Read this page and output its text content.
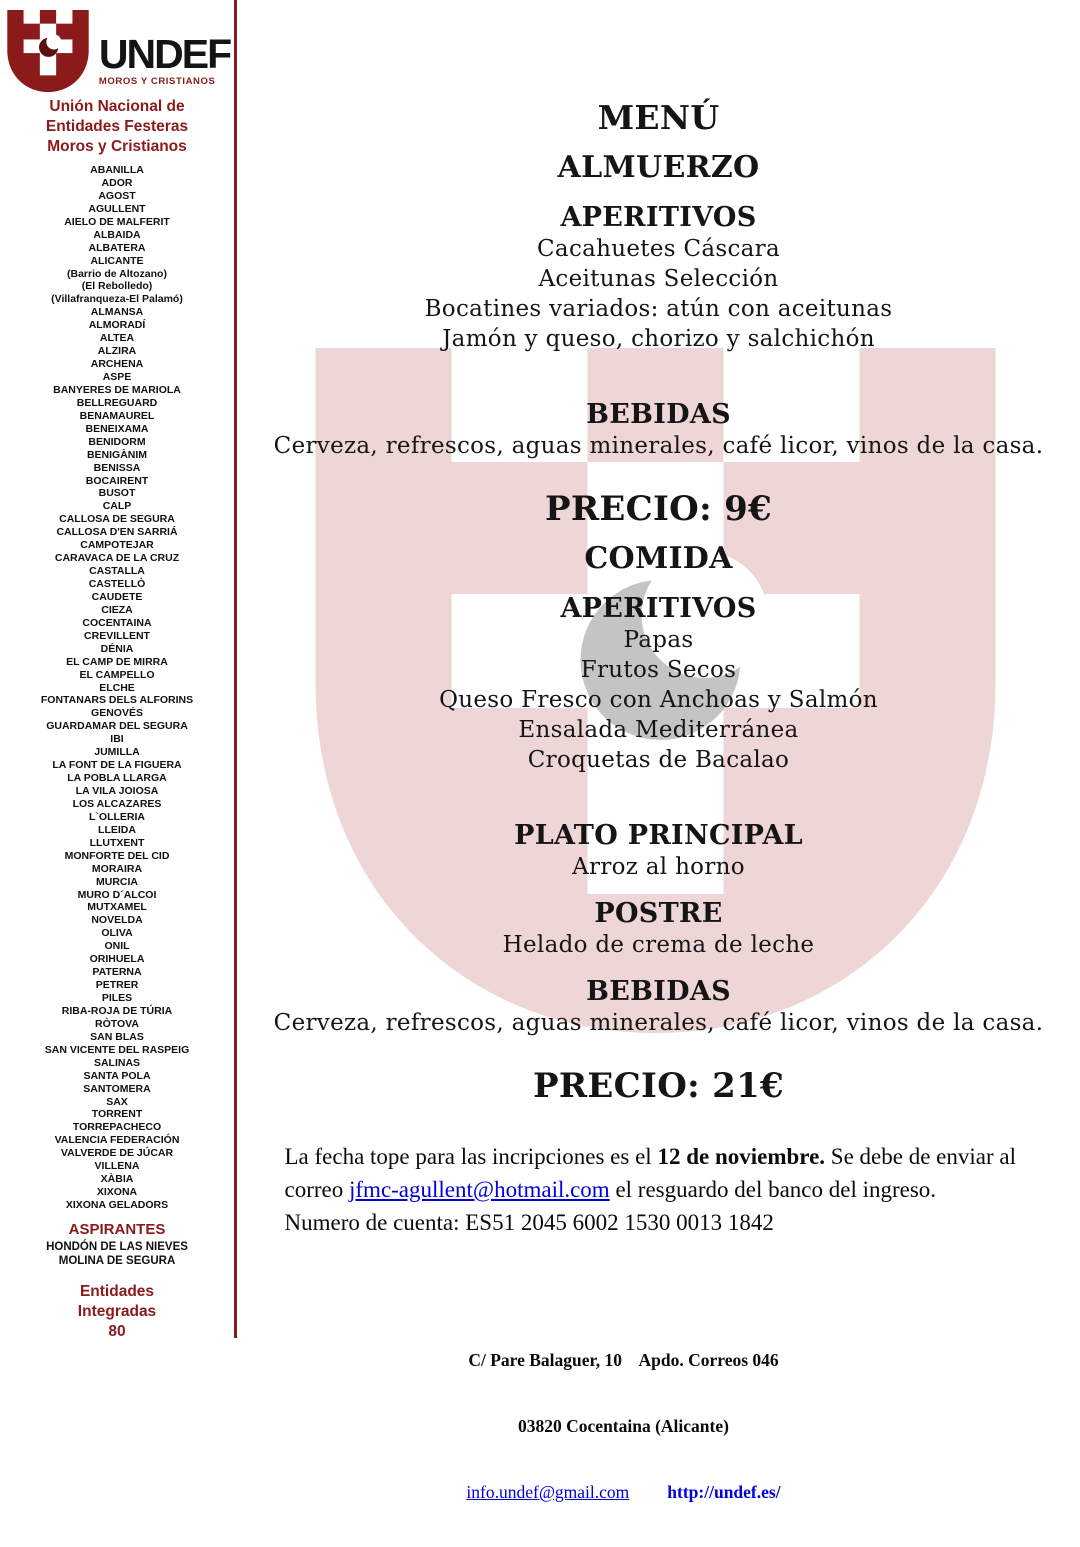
UNDEF
MOROS Y CRISTIANOS
Unión Nacional de
Entidades Festeras
Moros y Cristianos
ABANILLA
ADOR
AGOST
AGULLENT
AIELO DE MALFERIT
ALBAIDA
ALBATERA
ALICANTE
(Barrio de Altozano)
(El Rebolledo)
(Villafranqueza-El Palamó)
ALMANSA
ALMORADÍ
ALTEA
ALZIRA
ARCHENA
ASPE
BANYERES DE MARIOLA
BELLREGUARD
BENAMAUREL
BENEIXAMA
BENIDORM
BENIGÀNIM
BENISSA
BOCAIRENT
BUSOT
CALP
CALLOSA DE SEGURA
CALLOSA D'EN SARRIÁ
CAMPOTEJAR
CARAVACA DE LA CRUZ
CASTALLA
CASTELLÒ
CAUDETE
CIEZA
COCENTAINA
CREVILLENT
DÉNIA
EL CAMP DE MIRRA
EL CAMPELLO
ELCHE
FONTANARS DELS ALFORINS
GENOVÉS
GUARDAMAR DEL SEGURA
IBI
JUMILLA
LA FONT DE LA FIGUERA
LA POBLA LLARGA
LA VILA JOIOSA
LOS ALCAZARES
L`OLLERIA
LLEIDA
LLUTXENT
MONFORTE DEL CID
MORAIRA
MURCIA
MURO D´ALCOI
MUTXAMEL
NOVELDA
OLIVA
ONIL
ORIHUELA
PATERNA
PETRER
PILES
RIBA-ROJA DE TÚRIA
RÒTOVA
SAN BLAS
SAN VICENTE DEL RASPEIG
SALINAS
SANTA POLA
SANTOMERA
SAX
TORRENT
TORREPACHECO
VALENCIA FEDERACIÓN
VALVERDE DE JÚCAR
VILLENA
XÀBIA
XIXONA
XIXONA GELADORS
ASPIRANTES
HONDÓN DE LAS NIEVES
MOLINA DE SEGURA
Entidades
Integradas
80
MENÚ
ALMUERZO
APERITIVOS
Cacahuetes Cáscara
Aceitunas Selección
Bocatines variados: atún con aceitunas
Jamón y queso, chorizo y salchichón
BEBIDAS
Cerveza, refrescos, aguas minerales, café licor, vinos de la casa.
PRECIO: 9€
COMIDA
APERITIVOS
Papas
Frutos Secos
Queso Fresco con Anchoas y Salmón
Ensalada Mediterránea
Croquetas de Bacalao
PLATO PRINCIPAL
Arroz al horno
POSTRE
Helado de crema de leche
BEBIDAS
Cerveza, refrescos, aguas minerales, café licor, vinos de la casa.
PRECIO: 21€
La fecha tope para las incripciones es el 12 de noviembre. Se debe de enviar al correo jfmc-agullent@hotmail.com el resguardo del banco del ingreso.
Numero de cuenta: ES51 2045 6002 1530 0013 1842

C/ Pare Balaguer, 10    Apdo. Correos 046

03820 Cocentaina (Alicante)

info.undef@gmail.com http://undef.es/
